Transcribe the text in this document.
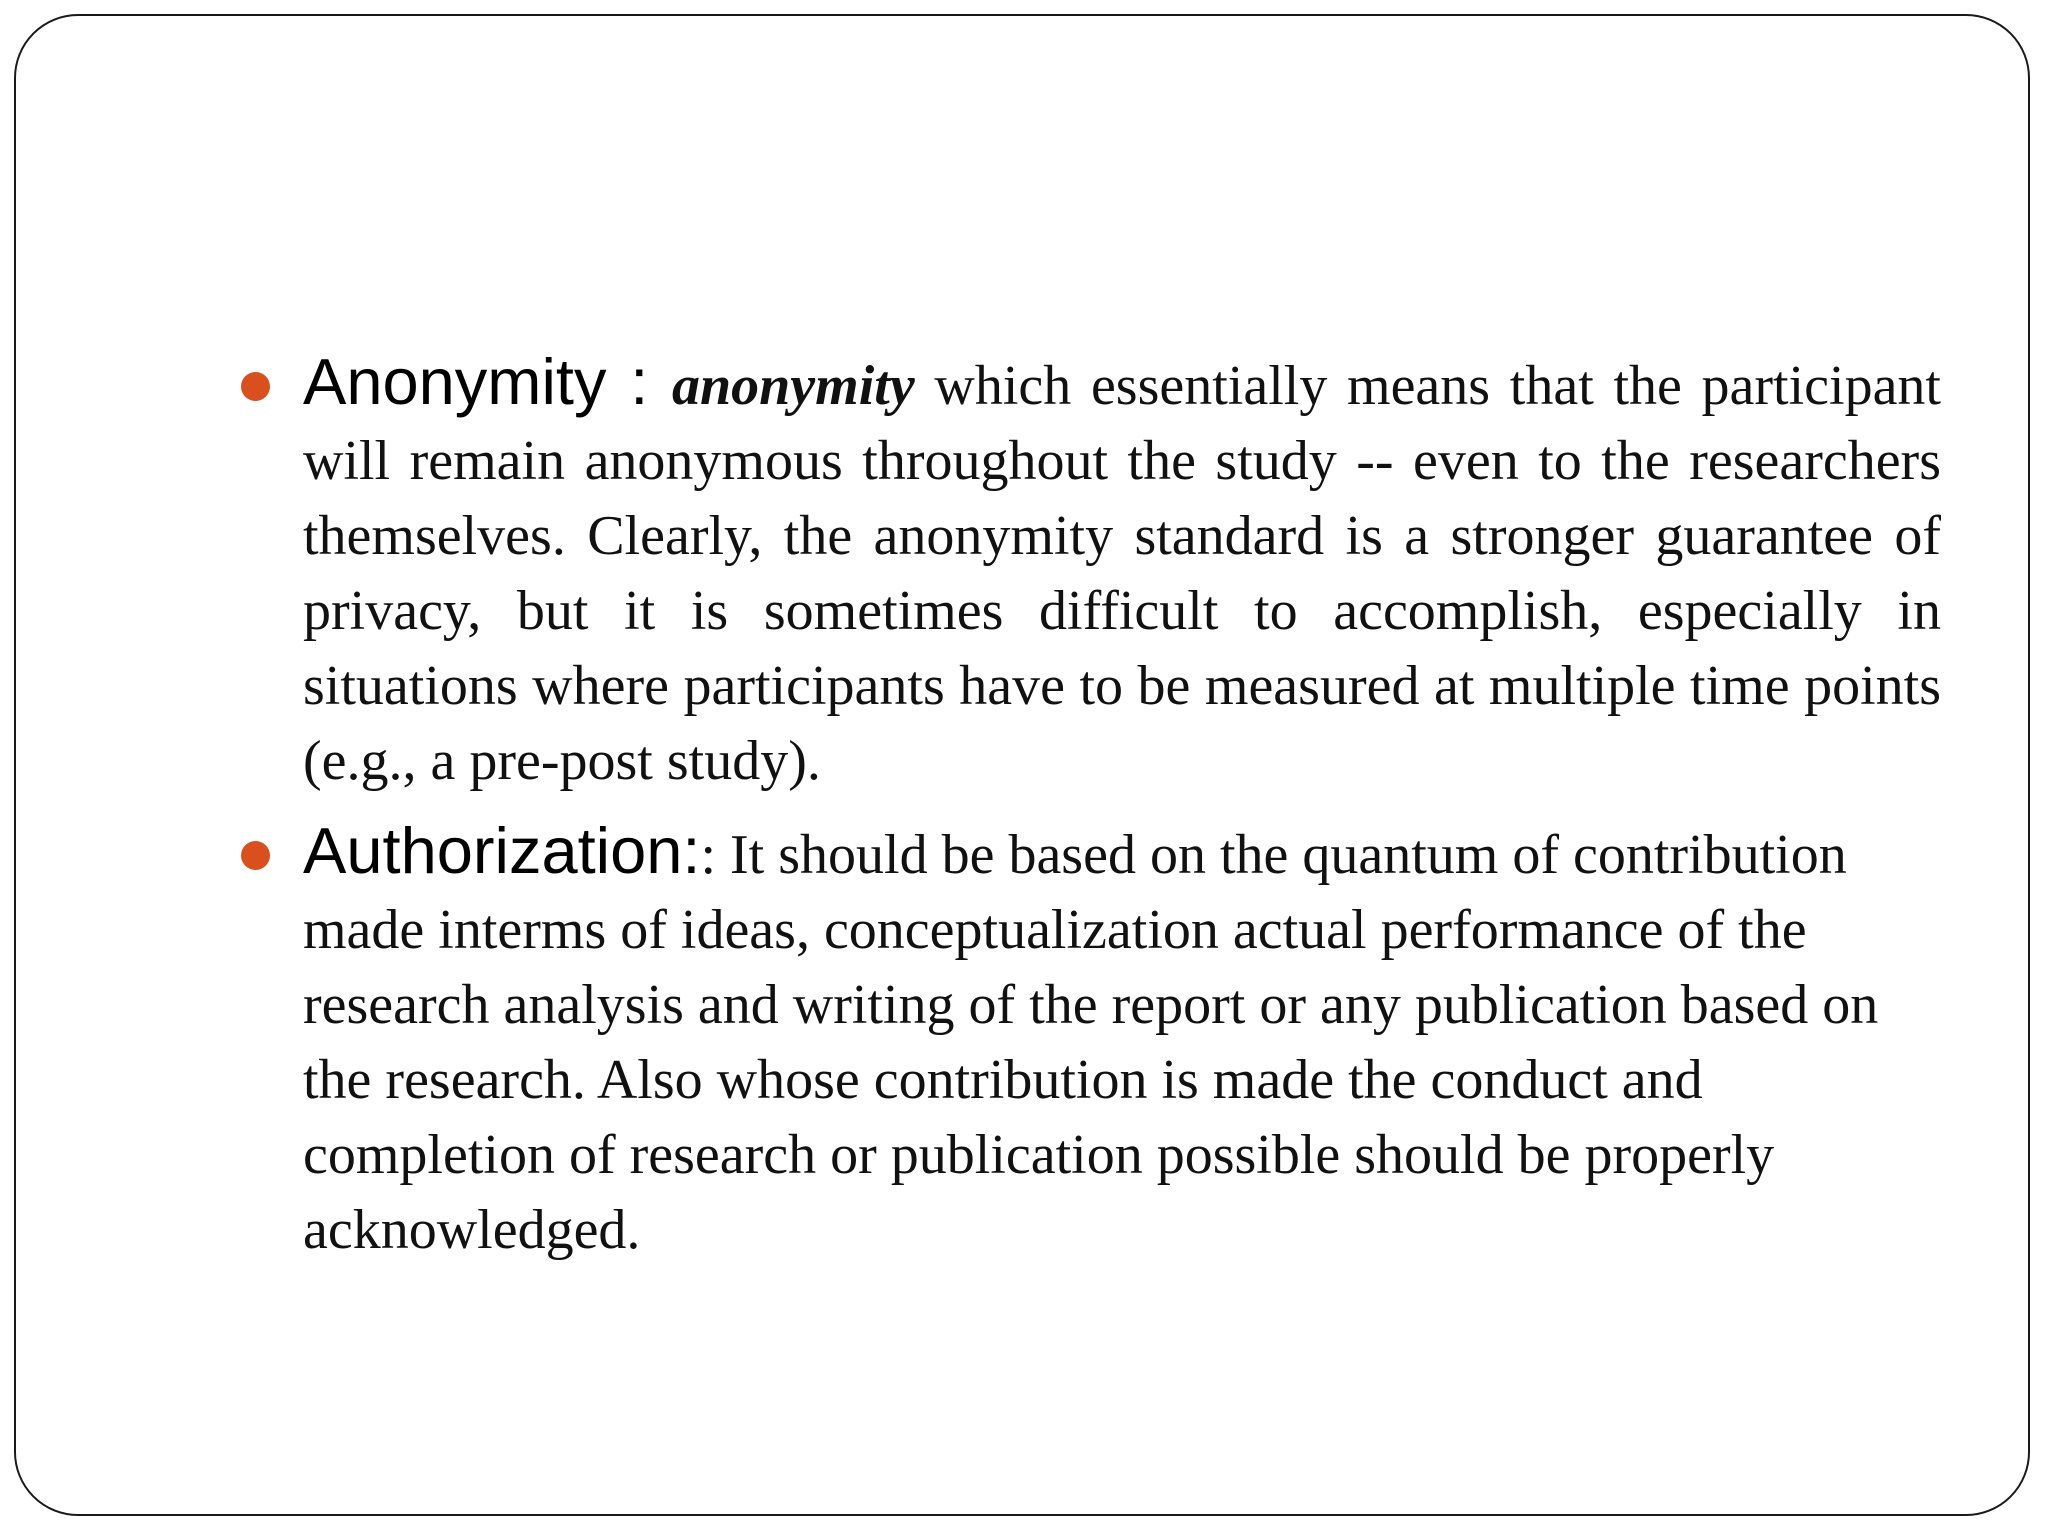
Anonymity : anonymity which essentially means that the participant will remain anonymous throughout the study -- even to the researchers themselves. Clearly, the anonymity standard is a stronger guarantee of privacy, but it is sometimes difficult to accomplish, especially in situations where participants have to be measured at multiple time points (e.g., a pre-post study).
Authorization:: It should be based on the quantum of contribution made interms of ideas, conceptualization actual performance of the research analysis and writing of the report or any publication based on the research. Also whose contribution is made the conduct and completion of research or publication possible should be properly acknowledged.
